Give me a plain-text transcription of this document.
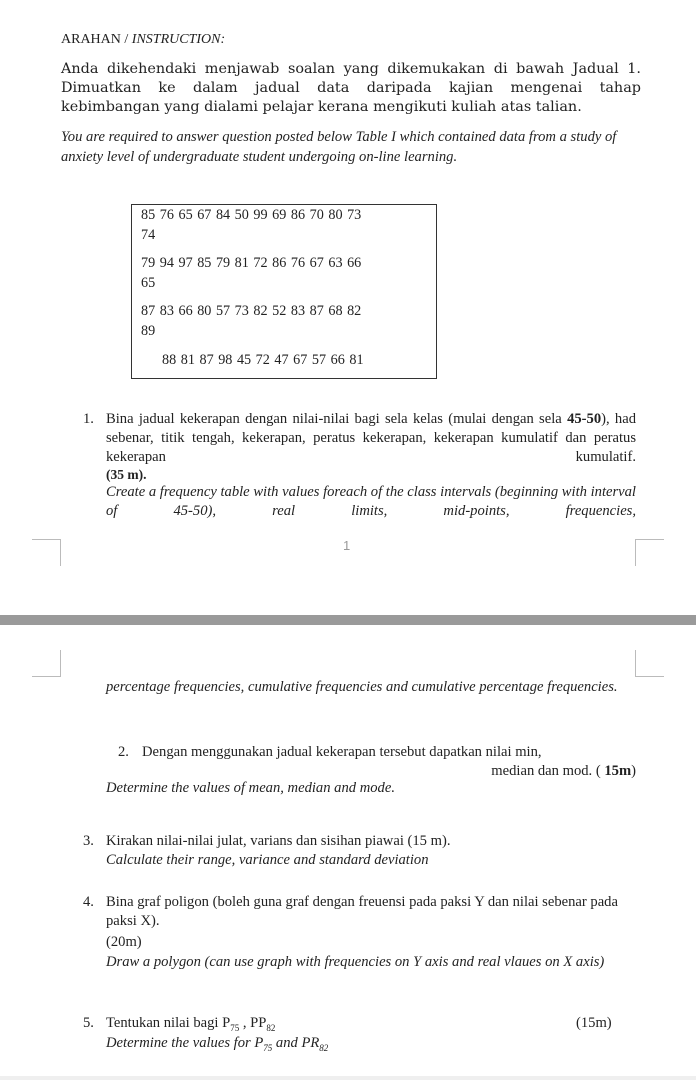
ARAHAN / INSTRUCTION:
Anda dikehendaki menjawab soalan yang dikemukakan di bawah Jadual 1. Dimuatkan ke dalam jadual data daripada kajian mengenai tahap kebimbangan yang dialami pelajar kerana mengikuti kuliah atas talian.
You are required to answer question posted below Table I which contained data from a study of anxiety level of undergraduate student undergoing on-line learning.
85 76 65 67 84 50 99 69 86 70 80 73
74
79 94 97 85 79 81 72 86 76 67 63 66
65
87 83 66 80 57 73 82 52 83 87 68 82
89
88 81 87 98 45 72 47 67 57 66 81
1. Bina jadual kekerapan dengan nilai-nilai bagi sela kelas (mulai dengan sela 45-50), had sebenar, titik tengah, kekerapan, peratus kekerapan, kekerapan kumulatif dan peratus kekerapan kumulatif.
(35 m).
Create a frequency table with values foreach of the class intervals (beginning with interval of 45-50), real limits, mid-points, frequencies,
1
percentage frequencies, cumulative frequencies and cumulative percentage frequencies.
2. Dengan menggunakan jadual kekerapan tersebut dapatkan nilai min,
median dan mod. ( 15m)
Determine the values of mean, median and mode.
3. Kirakan nilai-nilai julat, varians dan sisihan piawai (15 m).
Calculate their range, variance and standard deviation
4. Bina graf poligon (boleh guna graf dengan freuensi pada paksi Y dan nilai sebenar pada paksi X).
(20m)
Draw a polygon (can use graph with frequencies on Y axis and real vlaues on X axis)
5. Tentukan nilai bagi $P_{75}$ , $PP_{82}$	(15m)
Determine the values for $P_{75}$ and $PR_{82}$
